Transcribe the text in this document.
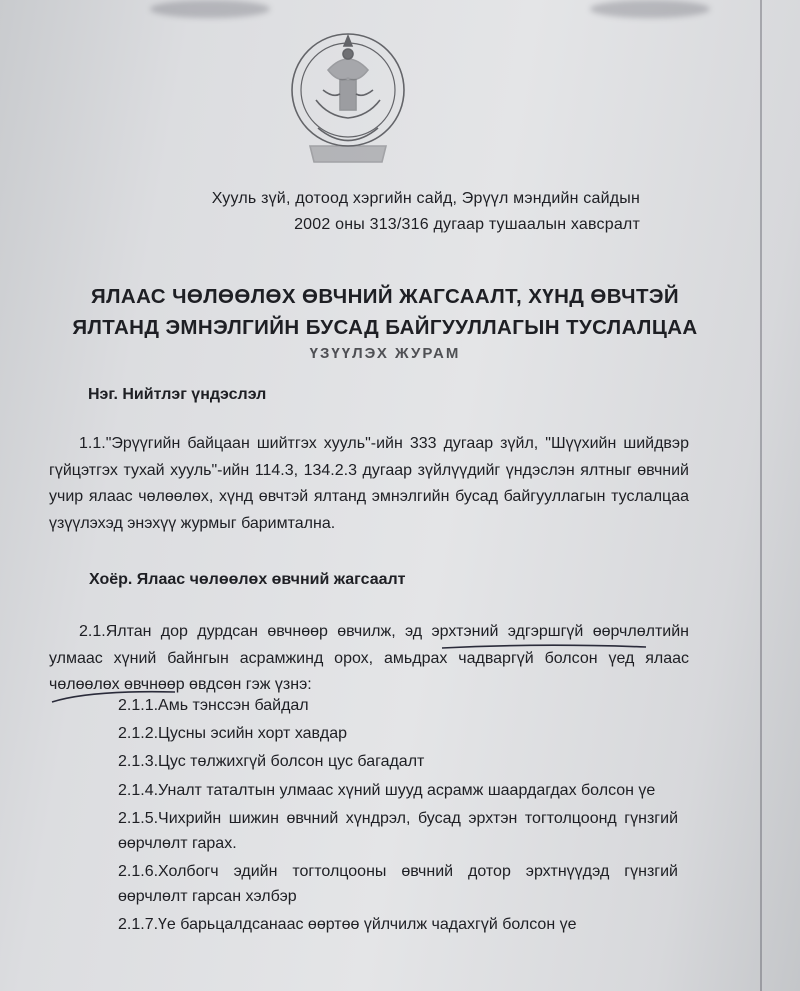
Хууль зүй, дотоод хэргийн сайд, Эрүүл мэндийн сайдын
2002 оны 313/316 дугаар тушаалын хавсралт
ЯЛААС ЧӨЛӨӨЛӨХ ӨВЧНИЙ ЖАГСААЛТ, ХҮНД ӨВЧТЭЙ
ЯЛТАНД ЭМНЭЛГИЙН БУСАД БАЙГУУЛЛАГЫН ТУСЛАЛЦАА
ҮЗҮҮЛЭХ ЖУРАМ
Нэг. Нийтлэг үндэслэл
1.1."Эрүүгийн байцаан шийтгэх хууль"-ийн 333 дугаар зүйл, "Шүүхийн шийдвэр гүйцэтгэх тухай хууль"-ийн 114.3, 134.2.3 дугаар зүйлүүдийг үндэслэн ялтныг өвчний учир ялаас чөлөөлөх, хүнд өвчтэй ялтанд эмнэлгийн бусад байгууллагын туслалцаа үзүүлэхэд энэхүү журмыг баримтална.
Хоёр. Ялаас чөлөөлөх өвчний жагсаалт
2.1.Ялтан дор дурдсан өвчнөөр өвчилж, эд эрхтэний эдгэршгүй өөрчлөлтийн улмаас хүний байнгын асрамжинд орох, амьдрах чадваргүй болсон үед ялаас чөлөөлөх өвчнөөр өвдсөн гэж үзнэ:
2.1.1.Амь тэнссэн байдал
2.1.2.Цусны эсийн хорт хавдар
2.1.3.Цус төлжихгүй болсон цус багадалт
2.1.4.Уналт таталтын улмаас хүний шууд асрамж шаардагдах болсон үе
2.1.5.Чихрийн шижин өвчний хүндрэл, бусад эрхтэн тогтолцоонд гүнзгий өөрчлөлт гарах.
2.1.6.Холбогч эдийн тогтолцооны өвчний дотор эрхтнүүдэд гүнзгий өөрчлөлт гарсан хэлбэр
2.1.7.Үе барьцалдсанаас өөртөө үйлчилж чадахгүй болсон үе
